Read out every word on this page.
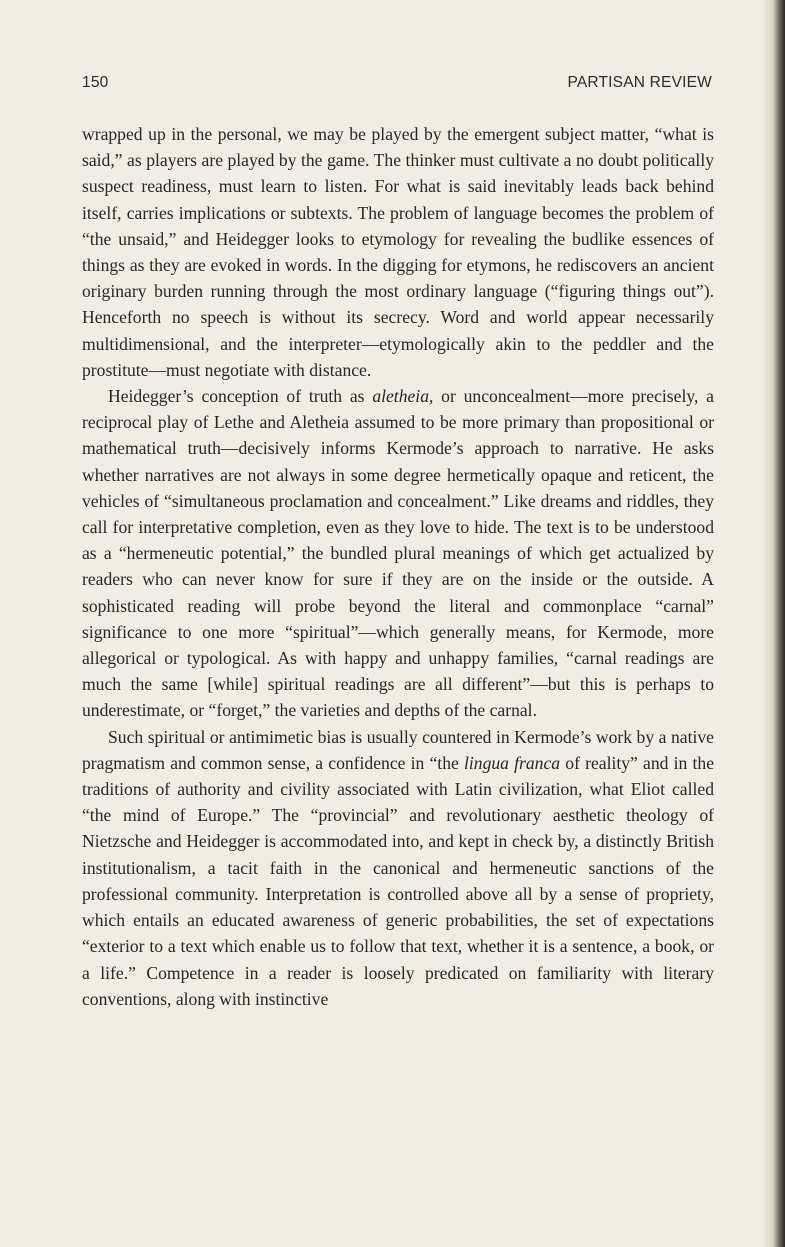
150	PARTISAN REVIEW

wrapped up in the personal, we may be played by the emergent subject matter, “what is said,” as players are played by the game. The thinker must cultivate a no doubt politically suspect readiness, must learn to listen. For what is said inevitably leads back behind itself, carries implications or subtexts. The problem of language becomes the problem of “the unsaid,” and Heidegger looks to etymology for revealing the budlike essences of things as they are evoked in words. In the digging for etymons, he rediscovers an ancient originary burden running through the most ordinary language (“figuring things out”). Henceforth no speech is without its secrecy. Word and world appear necessarily multidimensional, and the interpreter—etymologically akin to the peddler and the prostitute—must negotiate with distance.

Heidegger’s conception of truth as aletheia, or unconcealment—more precisely, a reciprocal play of Lethe and Aletheia assumed to be more primary than propositional or mathematical truth—decisively informs Kermode’s approach to narrative. He asks whether narratives are not always in some degree hermetically opaque and reticent, the vehicles of “simultaneous proclamation and concealment.” Like dreams and riddles, they call for interpretative completion, even as they love to hide. The text is to be understood as a “hermeneutic potential,” the bundled plural meanings of which get actualized by readers who can never know for sure if they are on the inside or the outside. A sophisticated reading will probe beyond the literal and commonplace “carnal” significance to one more “spiritual”—which generally means, for Kermode, more allegorical or typological. As with happy and unhappy families, “carnal readings are much the same [while] spiritual readings are all different”—but this is perhaps to underestimate, or “forget,” the varieties and depths of the carnal.

Such spiritual or antimimetic bias is usually countered in Kermode’s work by a native pragmatism and common sense, a confidence in “the lingua franca of reality” and in the traditions of authority and civility associated with Latin civilization, what Eliot called “the mind of Europe.” The “provincial” and revolutionary aesthetic theology of Nietzsche and Heidegger is accommodated into, and kept in check by, a distinctly British institutionalism, a tacit faith in the canonical and hermeneutic sanctions of the professional community. Interpretation is controlled above all by a sense of propriety, which entails an educated awareness of generic probabilities, the set of expectations “exterior to a text which enable us to follow that text, whether it is a sentence, a book, or a life.” Competence in a reader is loosely predicated on familiarity with literary conventions, along with instinctive
